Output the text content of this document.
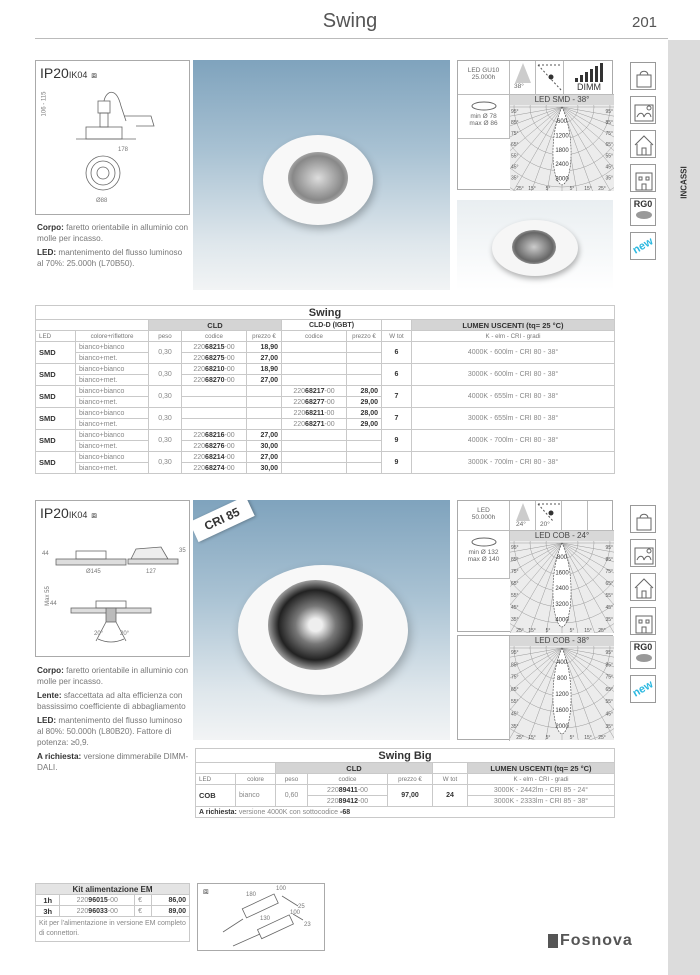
Swing	201
INCASSI
IP20IK04 ⧈
106 - 115
178
Ø88

Corpo: faretto orientabile in alluminio con molle per incasso.

LED: mantenimento del flusso luminoso al 70%: 25.000h (L70B50).

LED GU10
25.000h
38°	DIMM
min Ø 78
max Ø 86
LED SMD - 38°
600
1200
1800
2400
3000
95°	95°
85°	85°
75°	75°
65°	65°
55°	55°
45°	45°
35°	35°
25° 15° 5°	5° 15° 25°
RG0
new
Swing								
		CLD			CLD-D (IGBT)			LUMEN USCENTI (tq= 25 °C)
LED	colore+riflettore	peso	codice	prezzo €	codice	prezzo €	W tot	K - elm - CRI - gradi
SMD	bianco+bianco	0,30	22068215-00	18,90			6	4000K - 600lm - CRI 80 - 38°
	bianco+met.		22068275-00	27,00				
SMD	bianco+bianco	0,30	22068210-00	18,90			6	3000K - 600lm - CRI 80 - 38°
	bianco+met.		22068270-00	27,00				
SMD	bianco+bianco	0,30			22068217-00	28,00	7	4000K - 655lm - CRI 80 - 38°
	bianco+met.				22068277-00	29,00		
SMD	bianco+bianco	0,30			22068211-00	28,00	7	3000K - 655lm - CRI 80 - 38°
	bianco+met.				22068271-00	29,00		
SMD	bianco+bianco	0,30	22068216-00	27,00			9	4000K - 700lm - CRI 80 - 38°
	bianco+met.		22068276-00	30,00				
SMD	bianco+bianco	0,30	22068214-00	27,00			9	3000K - 700lm - CRI 80 - 38°
	bianco+met.		22068274-00	30,00				
IP20IK04 ⧈
44	35
Ø145	127
Max 55 44
20°	20°

Corpo: faretto orientabile in alluminio con molle per incasso.

Lente: sfaccettata ad alta efficienza con bassissimo coefficiente di abbagliamento

LED: mantenimento del flusso luminoso al 80%: 50.000h (L80B20). Fattore di potenza: ≥0,9.

A richiesta: versione dimmerabile DIMM-DALI.

CRI 85	LED
50.000h
24° 20°
min Ø 132
max Ø 140
LED COB - 24°
800
1600
2400
3200
4000
95°	95°
85°	85°
75°	75°
65°	65°
55°	55°
45°	45°
35°	35°
25° 15° 5°	5° 15° 25°
LED COB - 38°
400
800
1200
1600
2000
95°	95°
85°	85°
75°	75°
65°	65°
55°	55°
45°	45°
35°	35°
25° 15° 5°	5° 15° 25°
RG0
new
Swing Big						
		CLD				LUMEN USCENTI (tq= 25 °C)
LED	colore	peso	codice	prezzo €	W tot	K - elm - CRI - gradi
COB	bianco	0,60	22089411-00	97,00	24	3000K - 2442lm - CRI 85 - 24°
			22089412-00			3000K - 2333lm - CRI 85 - 38°
A richiesta: versione 4000K con sottocodice -68						
Kit alimentazione EM			
1h	22096015-00	€	86,00
3h	22096033-00	€	89,00
Kit per l'alimentazione in versione EM completo di connettori.			
⧈	180
100
25
130
100
23
Fosnova
